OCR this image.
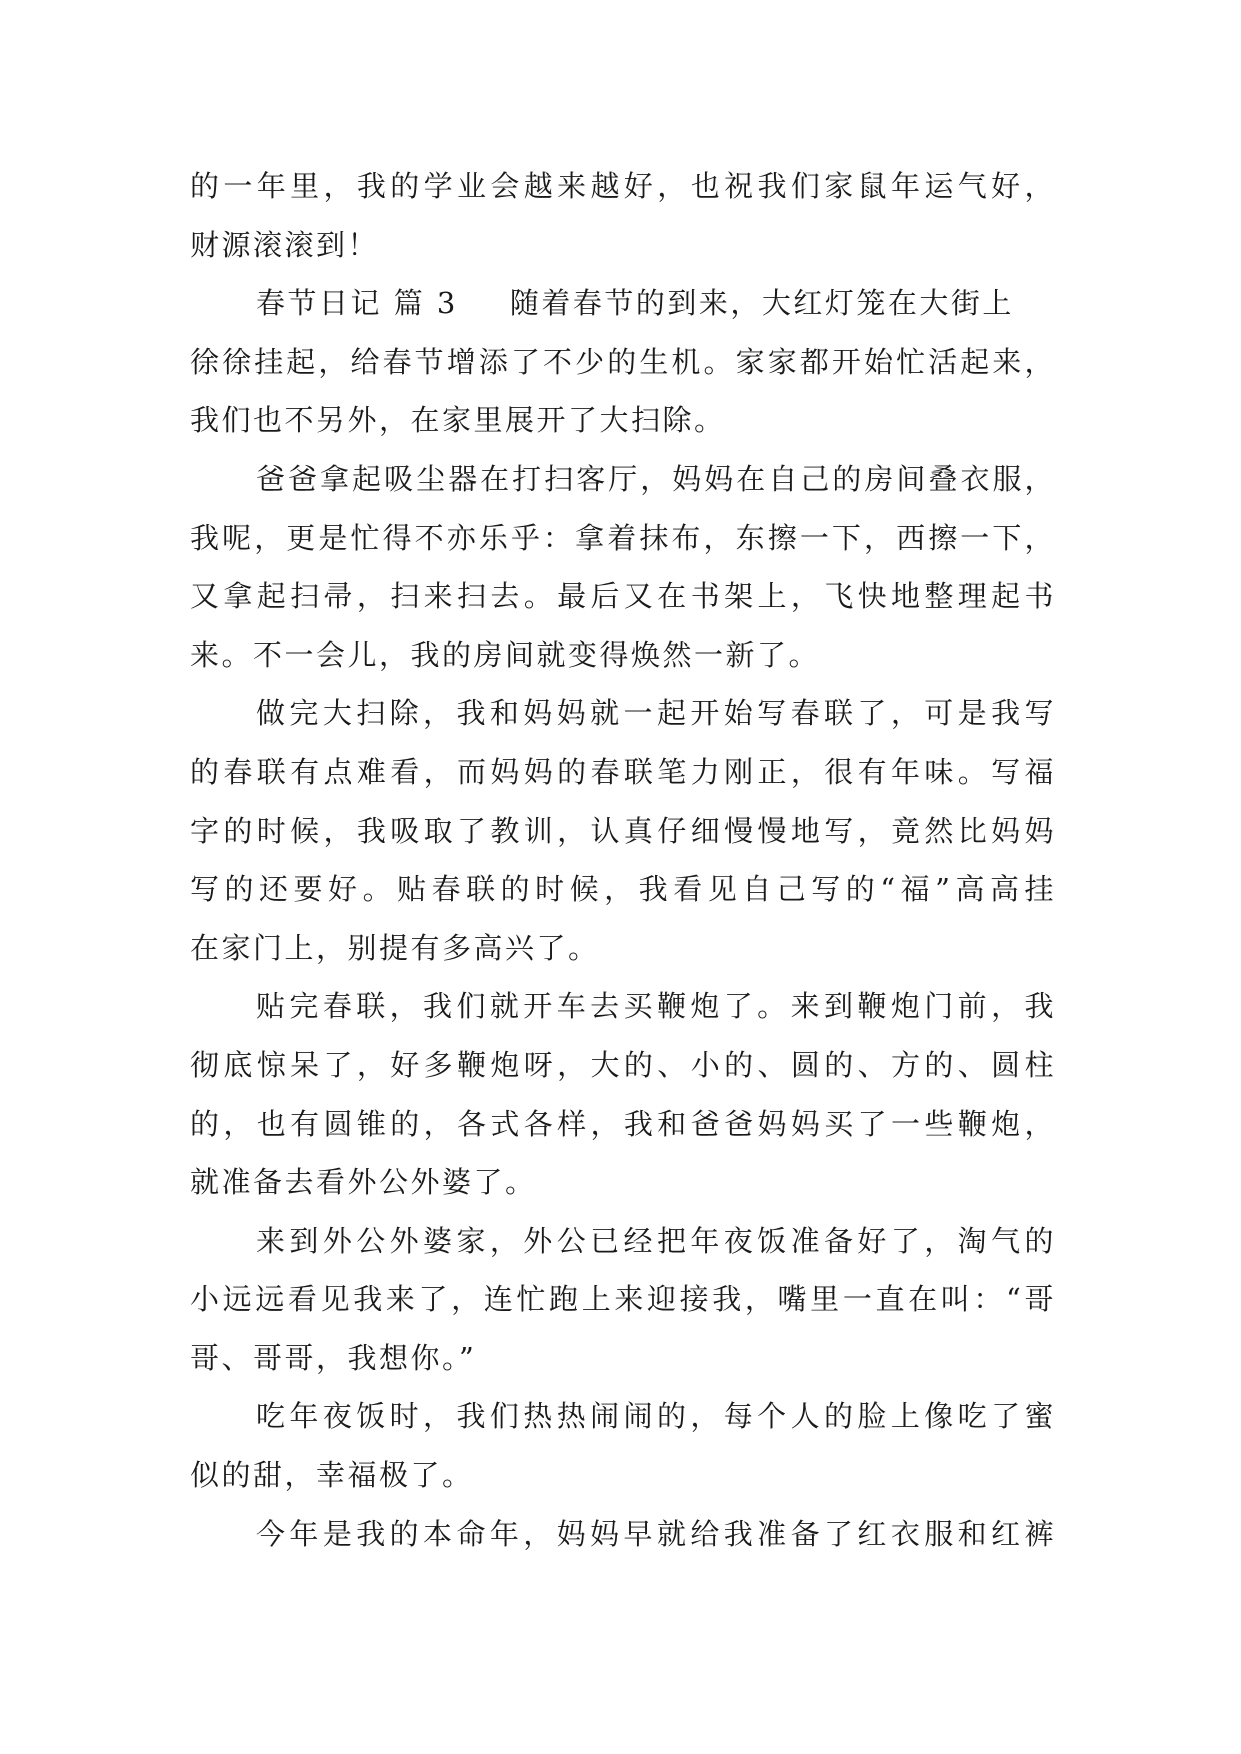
的一年里，我的学业会越来越好，也祝我们家鼠年运气好，
财源滚滚到！
春节日记 篇 3 随着春节的到来，大红灯笼在大街上
徐徐挂起，给春节增添了不少的生机。家家都开始忙活起来，
我们也不另外，在家里展开了大扫除。
爸爸拿起吸尘器在打扫客厅，妈妈在自己的房间叠衣服，
我呢，更是忙得不亦乐乎：拿着抹布，东擦一下，西擦一下，
又拿起扫帚，扫来扫去。最后又在书架上，飞快地整理起书
来。不一会儿，我的房间就变得焕然一新了。
做完大扫除，我和妈妈就一起开始写春联了，可是我写
的春联有点难看，而妈妈的春联笔力刚正，很有年味。写福
字的时候，我吸取了教训，认真仔细慢慢地写，竟然比妈妈
写的还要好。贴春联的时候，我看见自己写的“福”高高挂
在家门上，别提有多高兴了。
贴完春联，我们就开车去买鞭炮了。来到鞭炮门前，我
彻底惊呆了，好多鞭炮呀，大的、小的、圆的、方的、圆柱
的，也有圆锥的，各式各样，我和爸爸妈妈买了一些鞭炮，
就准备去看外公外婆了。
来到外公外婆家，外公已经把年夜饭准备好了，淘气的
小远远看见我来了，连忙跑上来迎接我，嘴里一直在叫：“哥
哥、哥哥，我想你。”
吃年夜饭时，我们热热闹闹的，每个人的脸上像吃了蜜
似的甜，幸福极了。
今年是我的本命年，妈妈早就给我准备了红衣服和红裤
